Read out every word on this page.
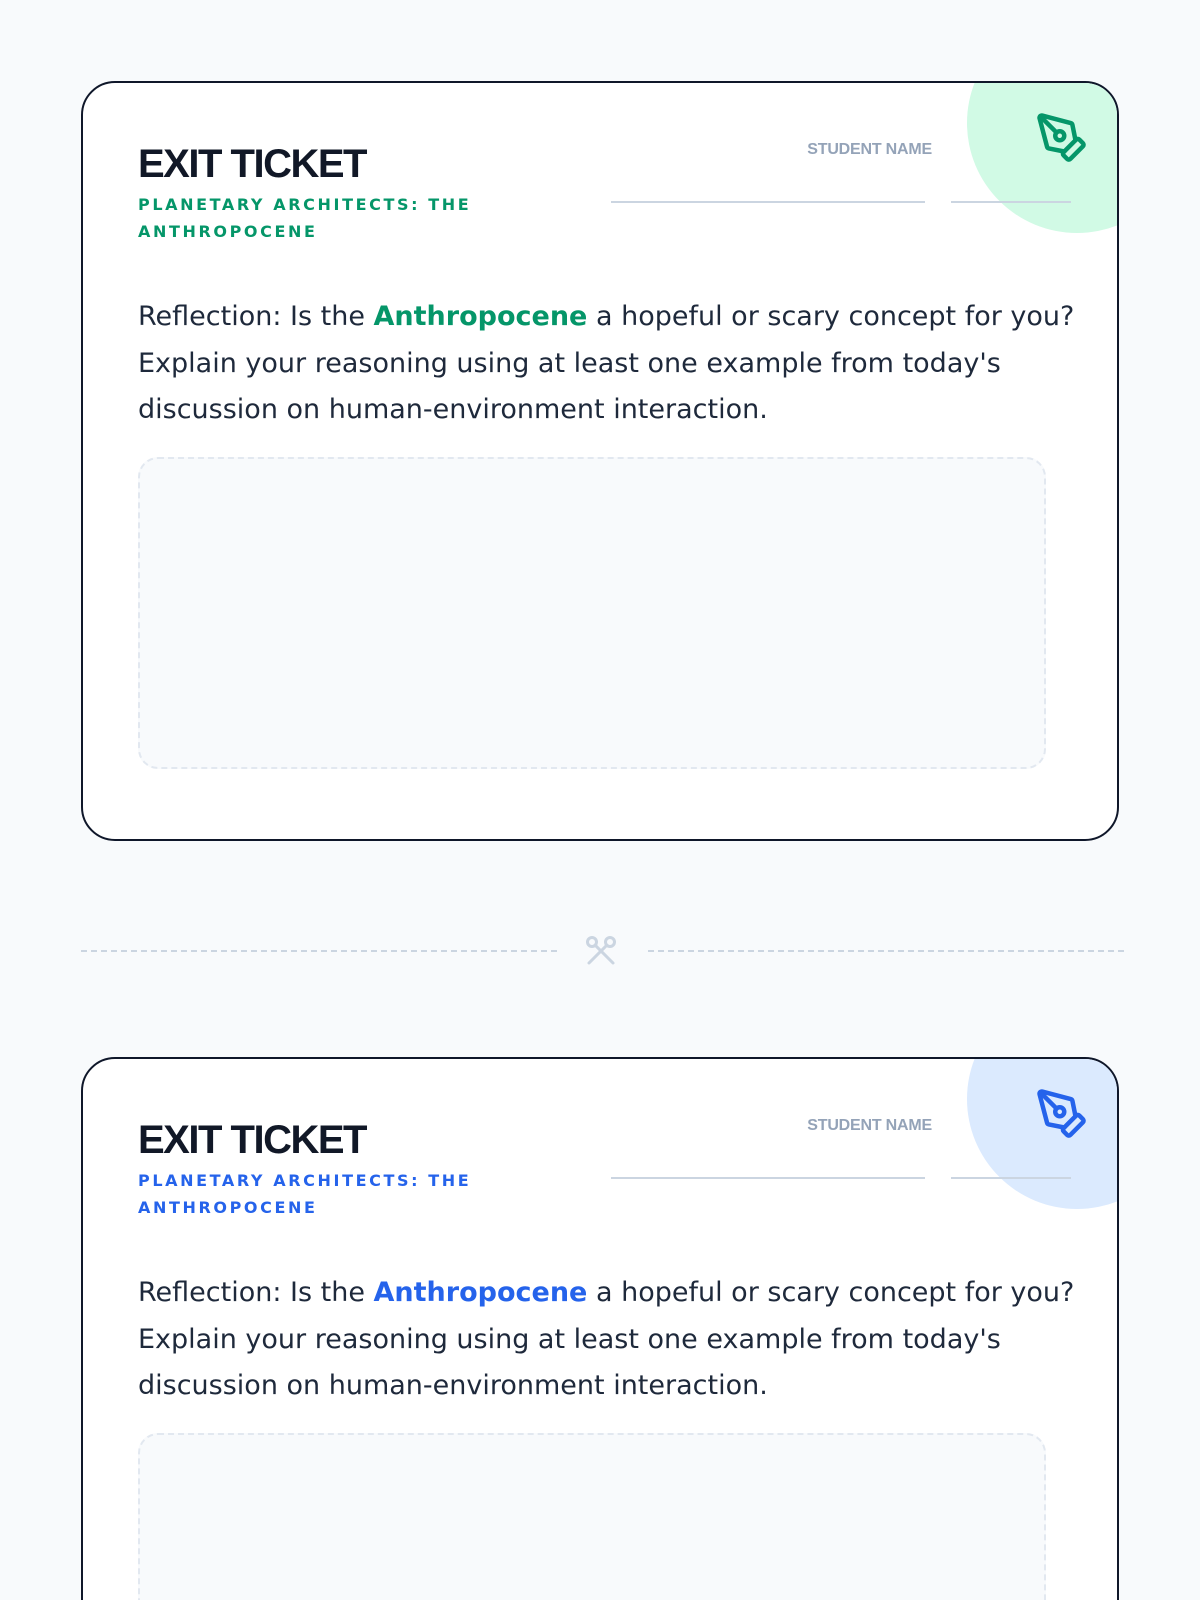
EXIT TICKET
PLANETARY ARCHITECTS: THE ANTHROPOCENE
STUDENT NAME
Reflection: Is the Anthropocene a hopeful or scary concept for you? Explain your reasoning using at least one example from today's discussion on human-environment interaction.
EXIT TICKET
PLANETARY ARCHITECTS: THE ANTHROPOCENE
STUDENT NAME
Reflection: Is the Anthropocene a hopeful or scary concept for you? Explain your reasoning using at least one example from today's discussion on human-environment interaction.
